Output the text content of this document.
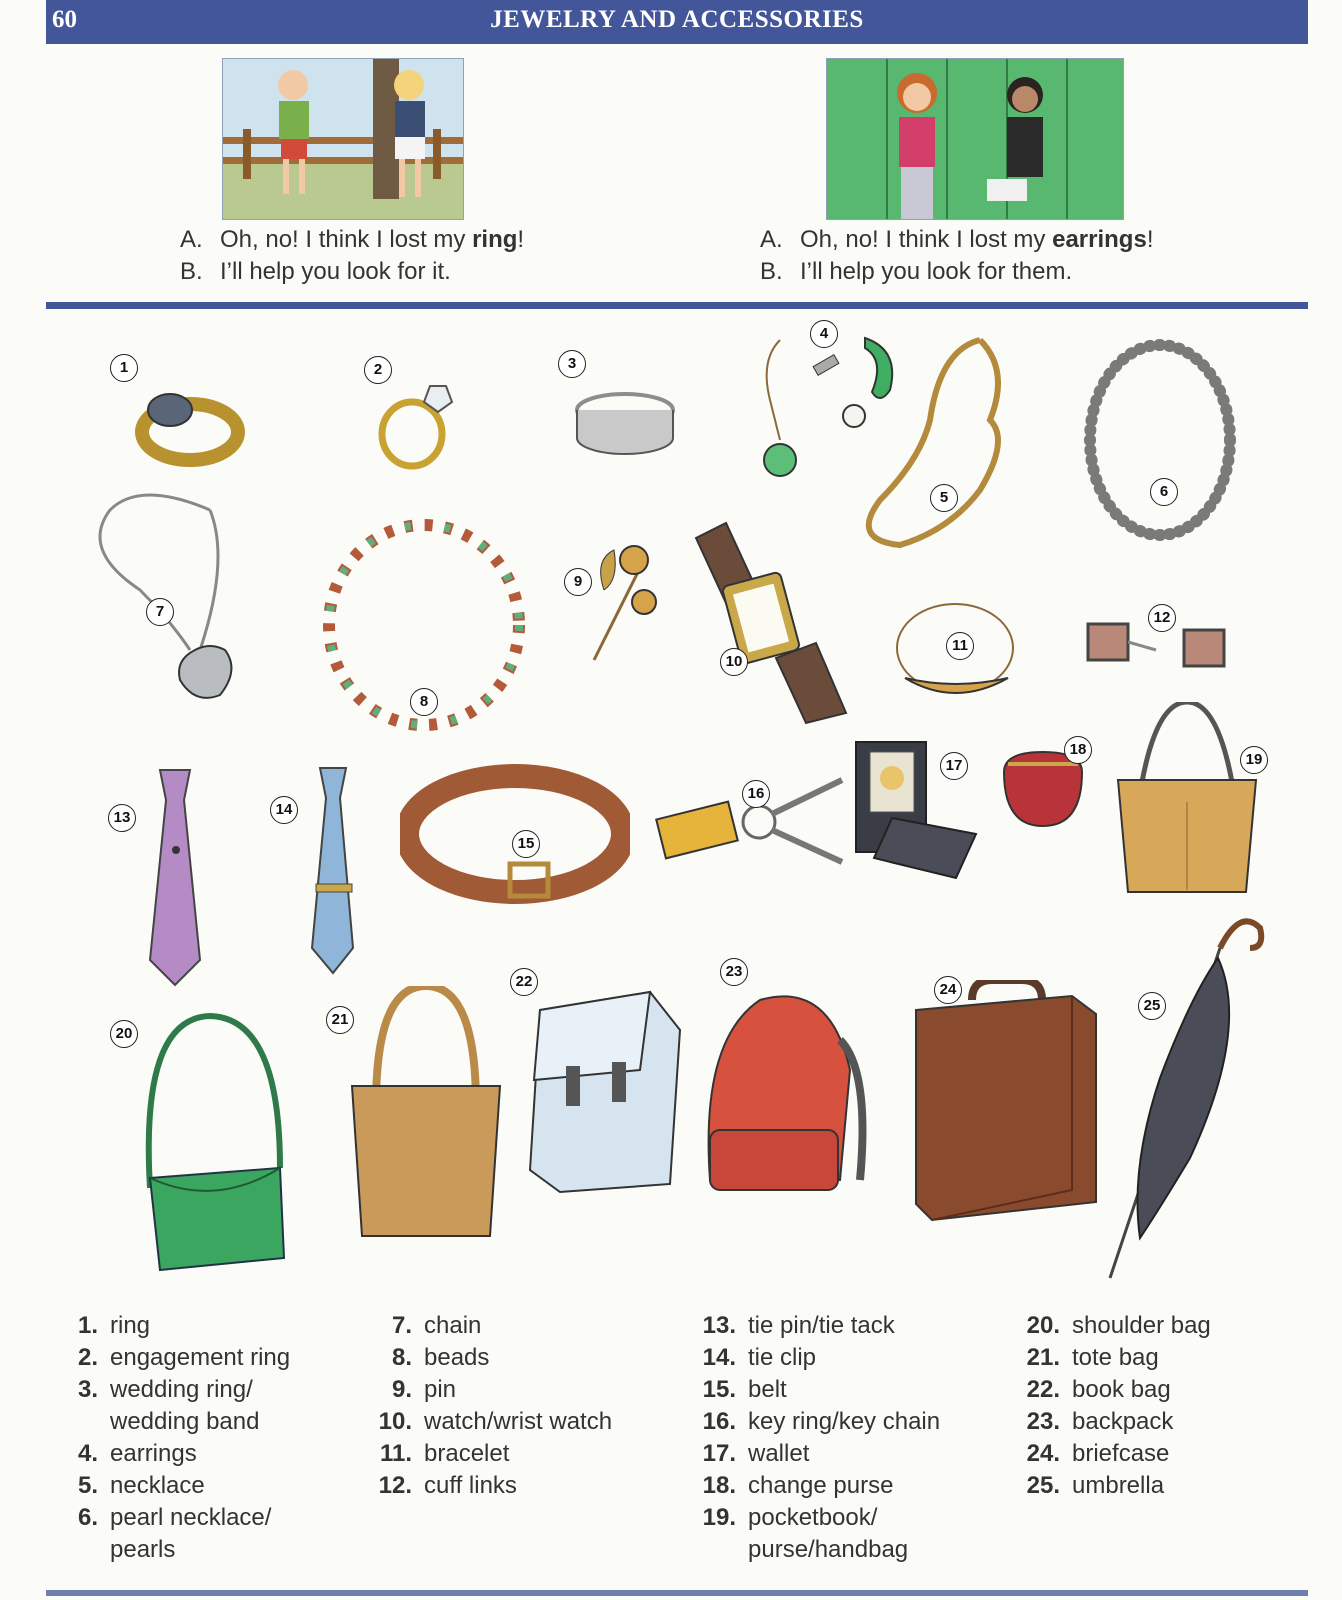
60	JEWELRY AND ACCESSORIES
A. Oh, no! I think I lost my ring!
B. I’ll help you look for it.
A. Oh, no! I think I lost my earrings!
B. I’ll help you look for them.
1	2	3
4
5	6
7
8
9
10
11
12
13	14
15
16
17
18
19
20
21
22
23
24
25
1. ring
2. engagement ring
3. wedding ring/
wedding band
4. earrings
5. necklace
6. pearl necklace/
pearls
7. chain
8. beads
9. pin
10. watch/wrist watch
11. bracelet
12. cuff links
13. tie pin/tie tack
14. tie clip
15. belt
16. key ring/key chain
17. wallet
18. change purse
19. pocketbook/
purse/handbag
20. shoulder bag
21. tote bag
22. book bag
23. backpack
24. briefcase
25. umbrella
